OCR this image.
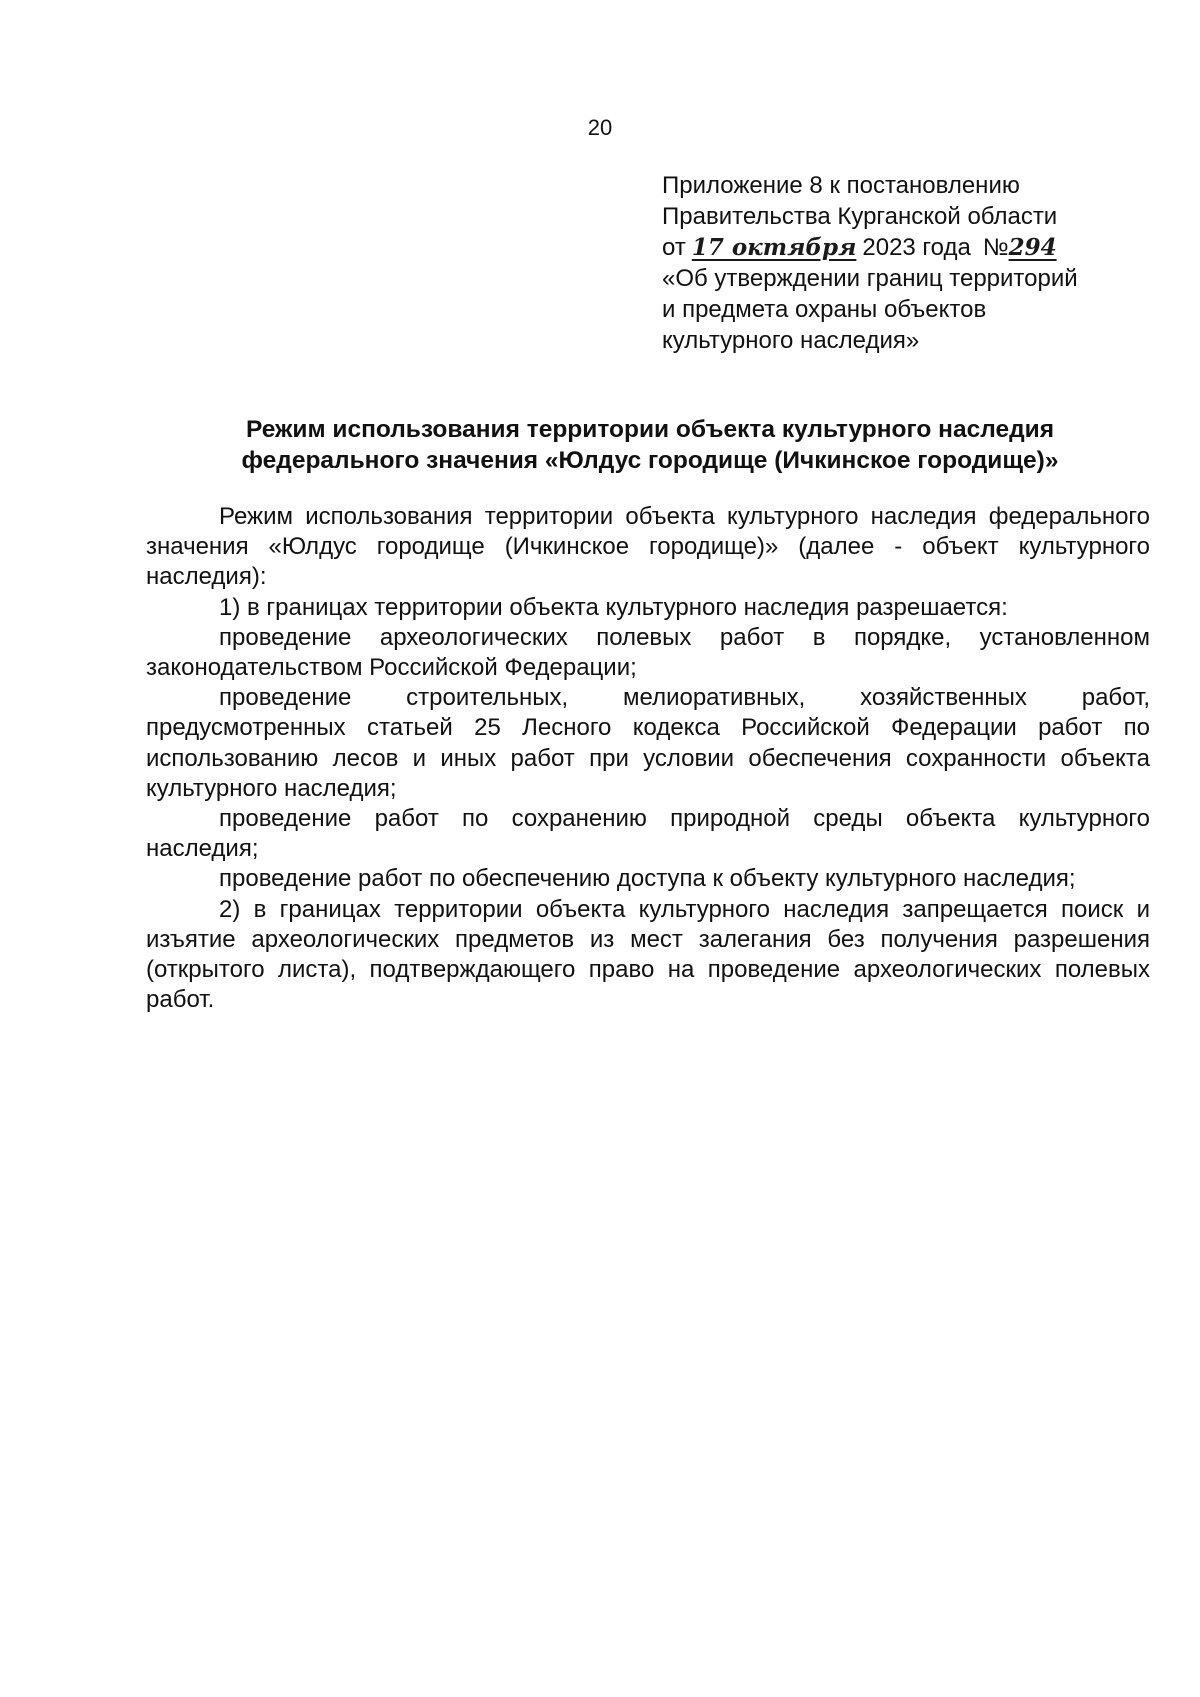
20
Приложение 8 к постановлению
Правительства Курганской области
от 17 октября 2023 года №294
«Об утверждении границ территорий
и предмета охраны объектов
культурного наследия»
Режим использования территории объекта культурного наследия
федерального значения «Юлдус городище (Ичкинское городище)»

Режим использования территории объекта культурного наследия федерального значения «Юлдус городище (Ичкинское городище)» (далее - объект культурного наследия):

1) в границах территории объекта культурного наследия разрешается:

проведение археологических полевых работ в порядке, установленном законодательством Российской Федерации;

проведение строительных, мелиоративных, хозяйственных работ, предусмотренных статьей 25 Лесного кодекса Российской Федерации работ по использованию лесов и иных работ при условии обеспечения сохранности объекта культурного наследия;

проведение работ по сохранению природной среды объекта культурного наследия;

проведение работ по обеспечению доступа к объекту культурного наследия;

2) в границах территории объекта культурного наследия запрещается поиск и изъятие археологических предметов из мест залегания без получения разрешения (открытого листа), подтверждающего право на проведение археологических полевых работ.
